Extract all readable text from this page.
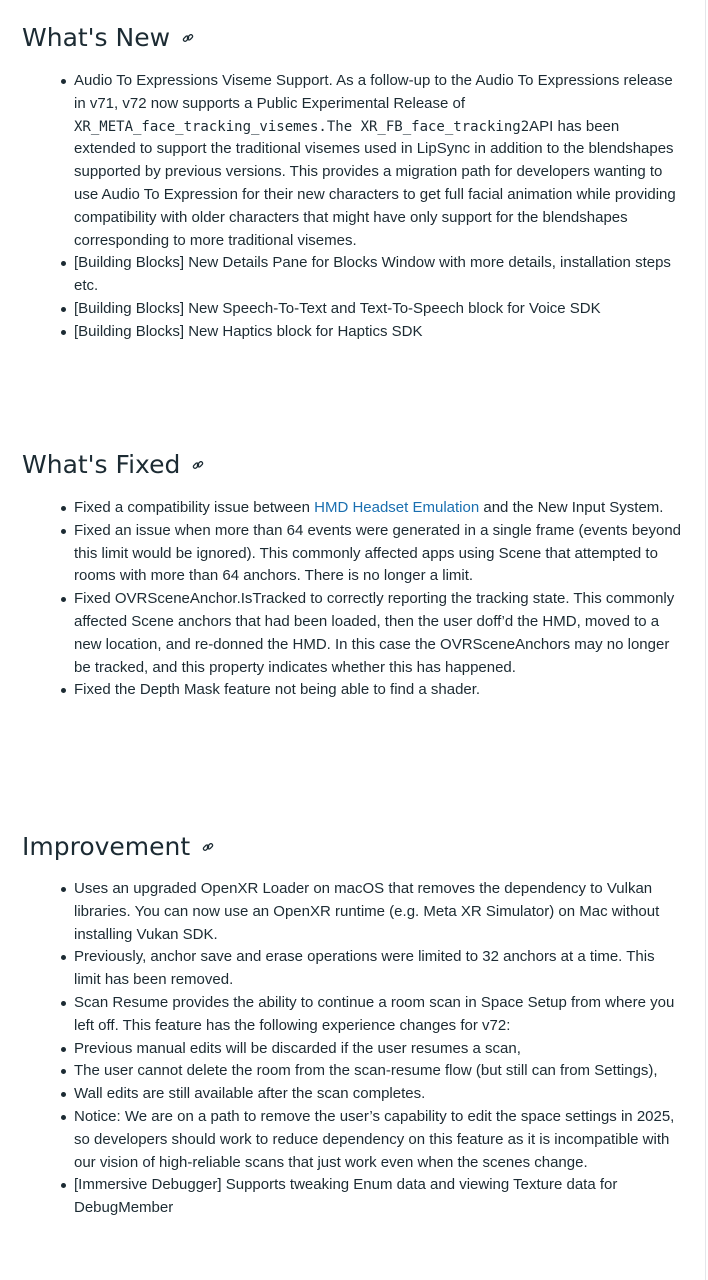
What's New
Audio To Expressions Viseme Support. As a follow-up to the Audio To Expressions release in v71, v72 now supports a Public Experimental Release of XR_META_face_tracking_visemes.The XR_FB_face_tracking2API has been extended to support the traditional visemes used in LipSync in addition to the blendshapes supported by previous versions. This provides a migration path for developers wanting to use Audio To Expression for their new characters to get full facial animation while providing compatibility with older characters that might have only support for the blendshapes corresponding to more traditional visemes.
[Building Blocks] New Details Pane for Blocks Window with more details, installation steps etc.
[Building Blocks] New Speech-To-Text and Text-To-Speech block for Voice SDK
[Building Blocks] New Haptics block for Haptics SDK
What's Fixed
Fixed a compatibility issue between HMD Headset Emulation and the New Input System.
Fixed an issue when more than 64 events were generated in a single frame (events beyond this limit would be ignored). This commonly affected apps using Scene that attempted to rooms with more than 64 anchors. There is no longer a limit.
Fixed OVRSceneAnchor.IsTracked to correctly reporting the tracking state. This commonly affected Scene anchors that had been loaded, then the user doff’d the HMD, moved to a new location, and re-donned the HMD. In this case the OVRSceneAnchors may no longer be tracked, and this property indicates whether this has happened.
Fixed the Depth Mask feature not being able to find a shader.
Improvement
Uses an upgraded OpenXR Loader on macOS that removes the dependency to Vulkan libraries. You can now use an OpenXR runtime (e.g. Meta XR Simulator) on Mac without installing Vukan SDK.
Previously, anchor save and erase operations were limited to 32 anchors at a time. This limit has been removed.
Scan Resume provides the ability to continue a room scan in Space Setup from where you left off. This feature has the following experience changes for v72:
Previous manual edits will be discarded if the user resumes a scan,
The user cannot delete the room from the scan-resume flow (but still can from Settings),
Wall edits are still available after the scan completes.
Notice: We are on a path to remove the user’s capability to edit the space settings in 2025, so developers should work to reduce dependency on this feature as it is incompatible with our vision of high-reliable scans that just work even when the scenes change.
[Immersive Debugger] Supports tweaking Enum data and viewing Texture data for DebugMember
